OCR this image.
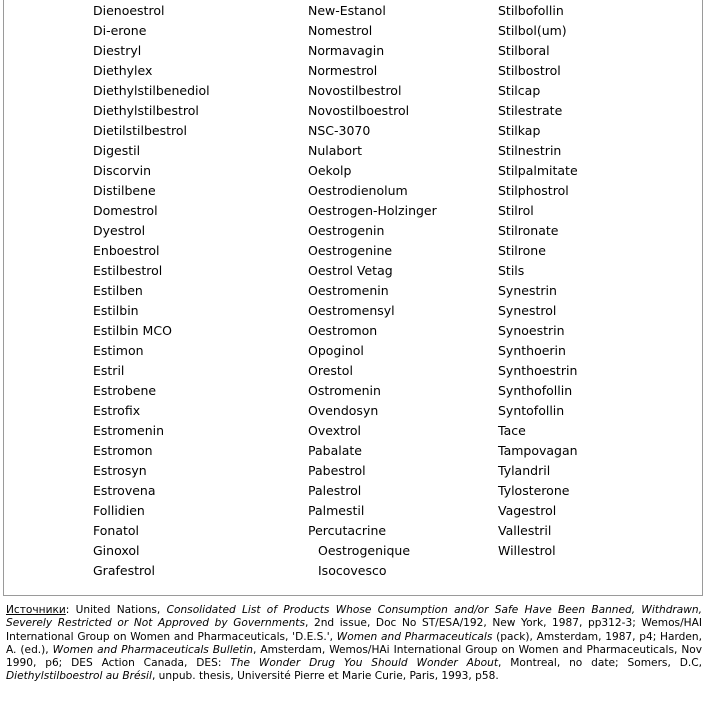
Dienoestrol
Di-erone
Diestryl
Diethylex
Diethylstilbenediol
Diethylstilbestrol
Dietilstilbestrol
Digestil
Discorvin
Distilbene
Domestrol
Dyestrol
Enboestrol
Estilbestrol
Estilben
Estilbin
Estilbin MCO
Estimon
Estril
Estrobene
Estrofix
Estromenin
Estromon
Estrosyn
Estrovena
Follidien
Fonatol
Ginoxol
Grafestrol
New-Estanol
Nomestrol
Normavagin
Normestrol
Novostilbestrol
Novostilboestrol
NSC-3070
Nulabort
Oekolp
Oestrodienolum
Oestrogen-Holzinger
Oestrogenin
Oestrogenine
Oestrol Vetag
Oestromenin
Oestromensyl
Oestromon
Opoginol
Orestol
Ostromenin
Ovendosyn
Ovextrol
Pabalate
Pabestrol
Palestrol
Palmestil
Percutacrine
Oestrogenique
Isocovesco
Stilbofollin
Stilbol(um)
Stilboral
Stilbostrol
Stilcap
Stilestrate
Stilkap
Stilnestrin
Stilpalmitate
Stilphostrol
Stilrol
Stilronate
Stilrone
Stils
Synestrin
Synestrol
Synoestrin
Synthoerin
Synthoestrin
Synthofollin
Syntofollin
Tace
Tampovagan
Tylandril
Tylosterone
Vagestrol
Vallestril
Willestrol

Источники: United Nations, Consolidated List of Products Whose Consumption and/or Safe Have Been Banned, Withdrawn, Severely Restricted or Not Approved by Governments, 2nd issue, Doc No ST/ESA/192, New York, 1987, pp312-3; Wemos/HAI International Group on Women and Pharmaceuticals, 'D.E.S.', Women and Pharmaceuticals (pack), Amsterdam, 1987, p4; Harden, A. (ed.), Women and Pharmaceuticals Bulletin, Amsterdam, Wemos/HAi International Group on Women and Pharmaceuticals, Nov 1990, p6; DES Action Canada, DES: The Wonder Drug You Should Wonder About, Montreal, no date; Somers, D.C, Diethylstilboestrol au Brésil, unpub. thesis, Université Pierre et Marie Curie, Paris, 1993, p58.
